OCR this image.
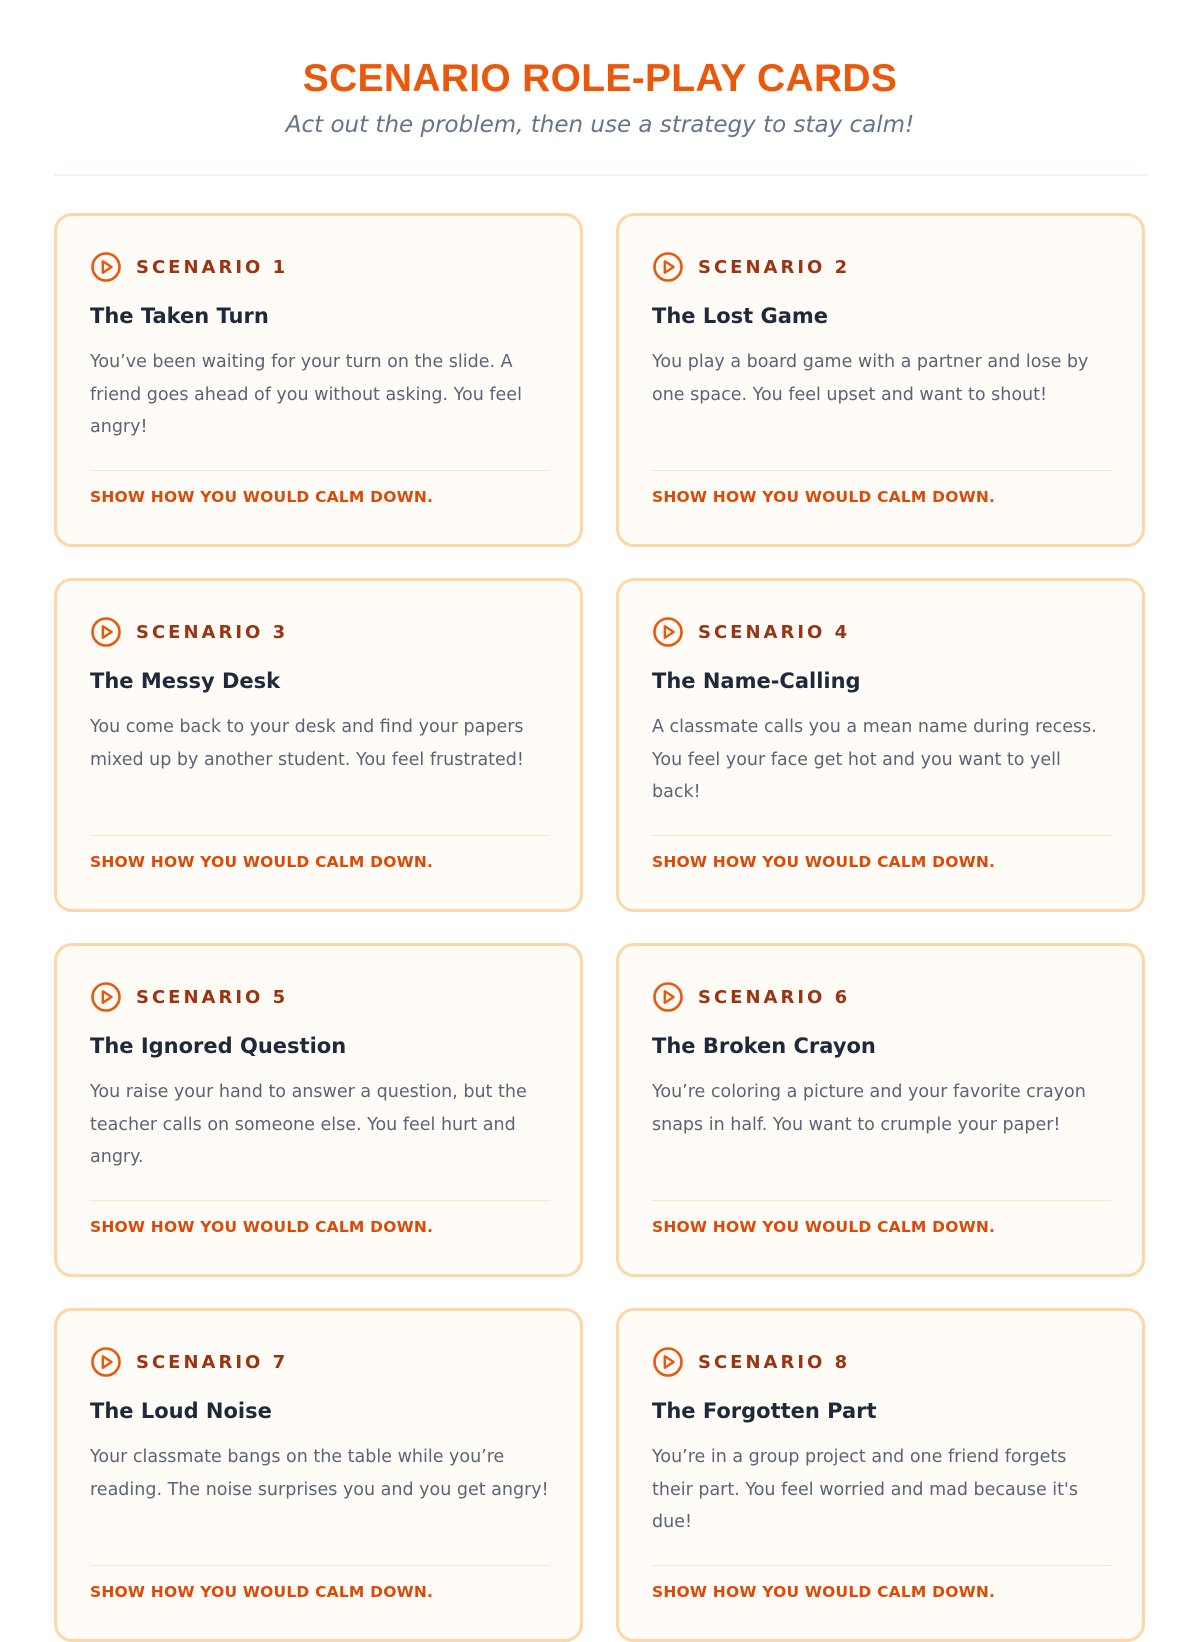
SCENARIO ROLE-PLAY CARDS

Act out the problem, then use a strategy to stay calm!

SCENARIO 1
The Taken Turn
You’ve been waiting for your turn on the slide. A friend goes ahead of you without asking. You feel angry!
SHOW HOW YOU WOULD CALM DOWN.
SCENARIO 2
The Lost Game
You play a board game with a partner and lose by one space. You feel upset and want to shout!
SHOW HOW YOU WOULD CALM DOWN.
SCENARIO 3
The Messy Desk
You come back to your desk and find your papers mixed up by another student. You feel frustrated!
SHOW HOW YOU WOULD CALM DOWN.
SCENARIO 4
The Name-Calling
A classmate calls you a mean name during recess. You feel your face get hot and you want to yell back!
SHOW HOW YOU WOULD CALM DOWN.
SCENARIO 5
The Ignored Question
You raise your hand to answer a question, but the teacher calls on someone else. You feel hurt and angry.
SHOW HOW YOU WOULD CALM DOWN.
SCENARIO 6
The Broken Crayon
You’re coloring a picture and your favorite crayon snaps in half. You want to crumple your paper!
SHOW HOW YOU WOULD CALM DOWN.
SCENARIO 7
The Loud Noise
Your classmate bangs on the table while you’re reading. The noise surprises you and you get angry!
SHOW HOW YOU WOULD CALM DOWN.
SCENARIO 8
The Forgotten Part
You’re in a group project and one friend forgets their part. You feel worried and mad because it's due!
SHOW HOW YOU WOULD CALM DOWN.
